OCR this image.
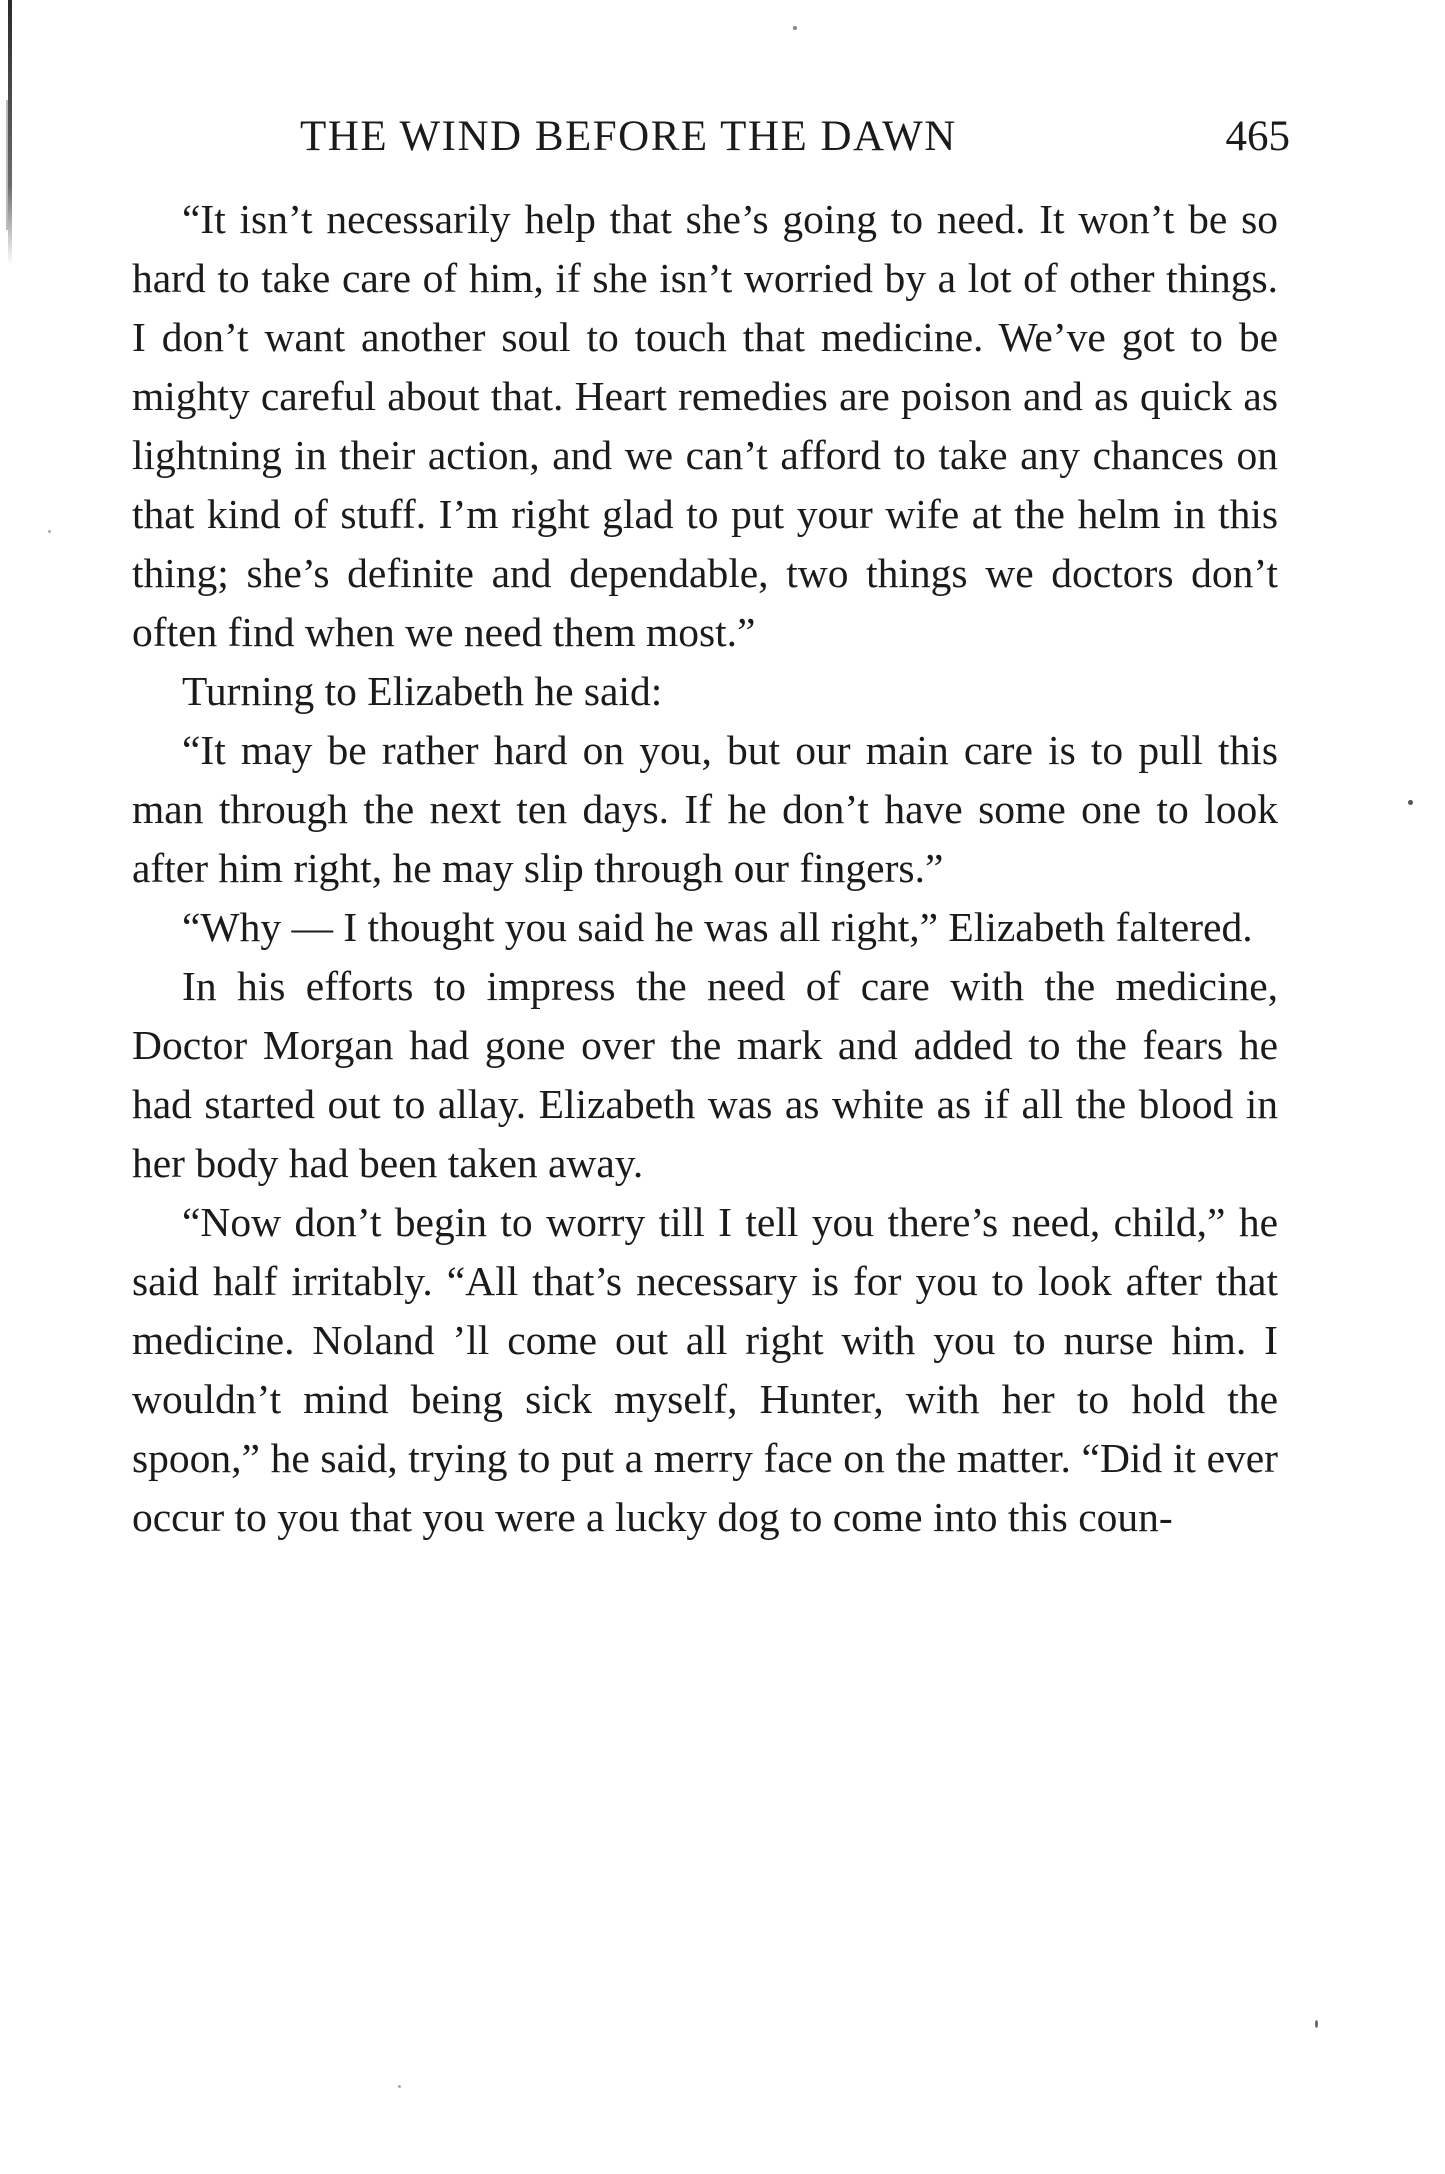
THE WIND BEFORE THE DAWN	465

“It isn’t necessarily help that she’s going to need. It won’t be so hard to take care of him, if she isn’t worried by a lot of other things. I don’t want another soul to touch that medicine. We’ve got to be mighty careful about that. Heart remedies are poison and as quick as lightning in their action, and we can’t afford to take any chances on that kind of stuff. I’m right glad to put your wife at the helm in this thing; she’s definite and dependable, two things we doctors don’t often find when we need them most.”

Turning to Elizabeth he said:

“It may be rather hard on you, but our main care is to pull this man through the next ten days. If he don’t have some one to look after him right, he may slip through our fingers.”

“Why — I thought you said he was all right,” Elizabeth faltered.

In his efforts to impress the need of care with the medicine, Doctor Morgan had gone over the mark and added to the fears he had started out to allay. Elizabeth was as white as if all the blood in her body had been taken away.

“Now don’t begin to worry till I tell you there’s need, child,” he said half irritably. “All that’s necessary is for you to look after that medicine. Noland ’ll come out all right with you to nurse him. I wouldn’t mind being sick myself, Hunter, with her to hold the spoon,” he said, trying to put a merry face on the matter. “Did it ever occur to you that you were a lucky dog to come into this coun-
